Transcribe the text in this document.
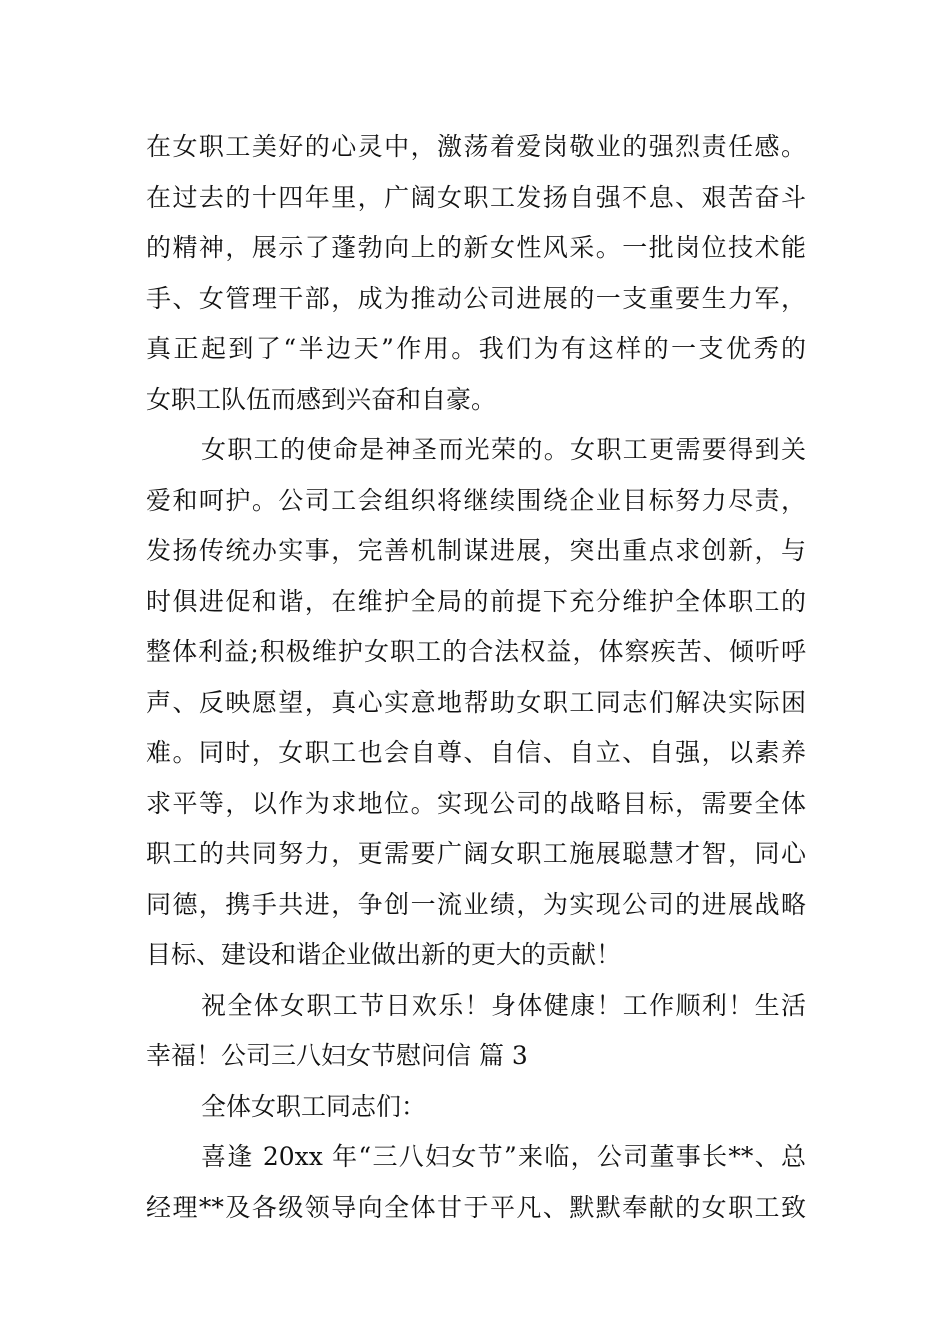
在女职工美好的心灵中，激荡着爱岗敬业的强烈责任感。
在过去的十四年里，广阔女职工发扬自强不息、艰苦奋斗
的精神，展示了蓬勃向上的新女性风采。一批岗位技术能
手、女管理干部，成为推动公司进展的一支重要生力军，
真正起到了“半边天”作用。我们为有这样的一支优秀的
女职工队伍而感到兴奋和自豪。
女职工的使命是神圣而光荣的。女职工更需要得到关
爱和呵护。公司工会组织将继续围绕企业目标努力尽责，
发扬传统办实事，完善机制谋进展，突出重点求创新，与
时俱进促和谐，在维护全局的前提下充分维护全体职工的
整体利益;积极维护女职工的合法权益，体察疾苦、倾听呼
声、反映愿望，真心实意地帮助女职工同志们解决实际困
难。同时，女职工也会自尊、自信、自立、自强，以素养
求平等，以作为求地位。实现公司的战略目标，需要全体
职工的共同努力，更需要广阔女职工施展聪慧才智，同心
同德，携手共进，争创一流业绩，为实现公司的进展战略
目标、建设和谐企业做出新的更大的贡献！
祝全体女职工节日欢乐！身体健康！工作顺利！生活
幸福！公司三八妇女节慰问信 篇 3
全体女职工同志们：
喜逢 20xx 年“三八妇女节”来临，公司董事长**、总
经理**及各级领导向全体甘于平凡、默默奉献的女职工致
